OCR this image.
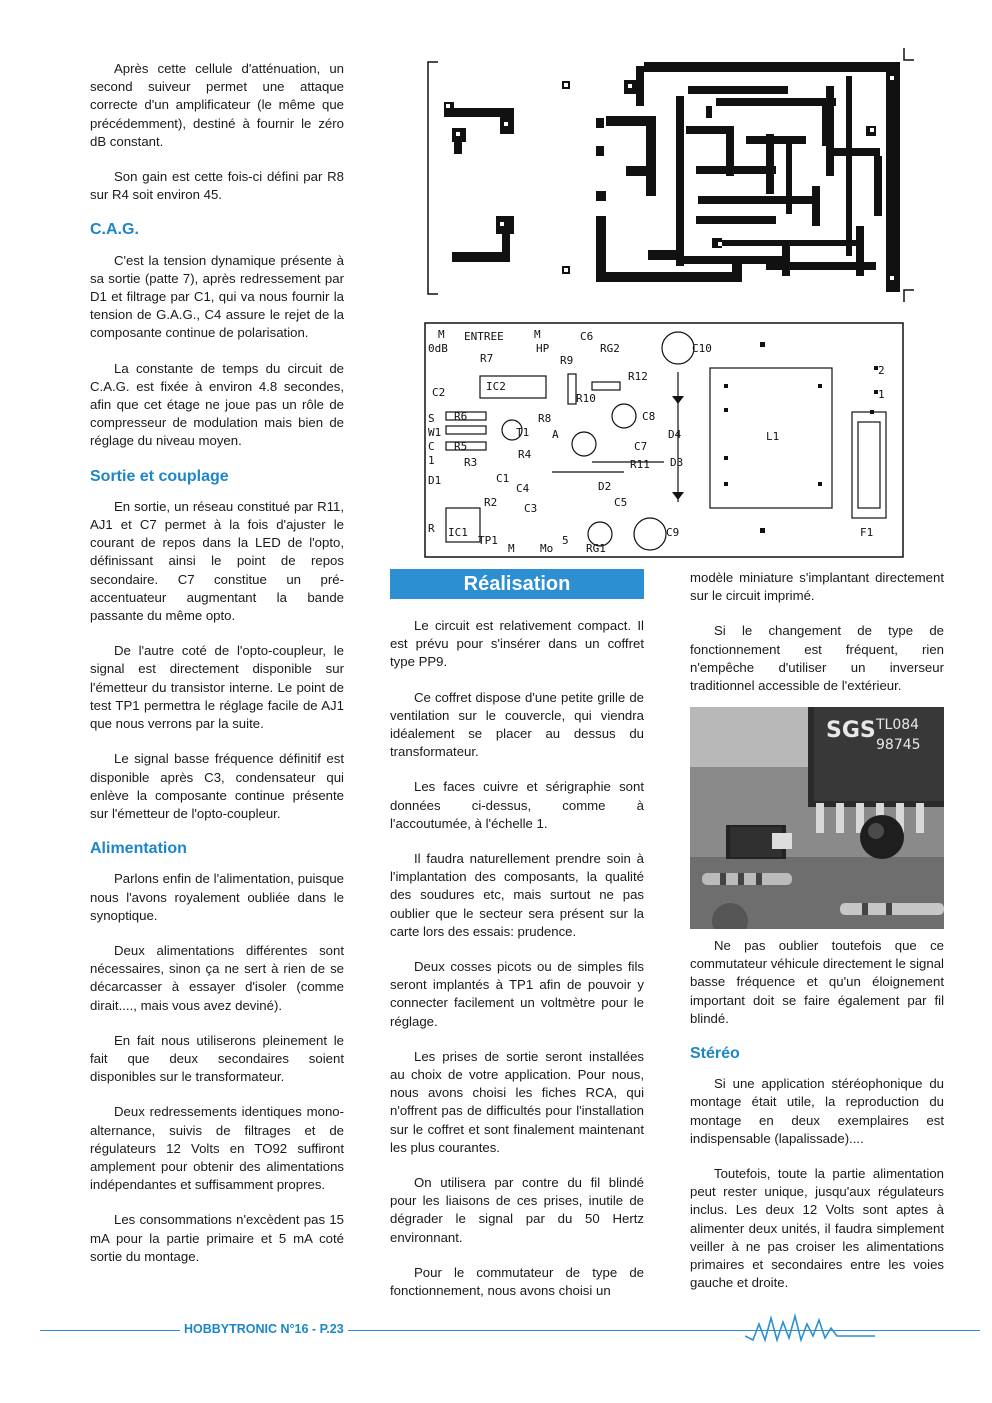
Après cette cellule d'atténuation, un second suiveur permet une attaque correcte d'un amplificateur (le même que précédemment), destiné à fournir le zéro dB constant.

Son gain est cette fois-ci défini par R8 sur R4 soit environ 45.

C.A.G.

C'est la tension dynamique présente à sa sortie (patte 7), après redressement par D1 et filtrage par C1, qui va nous fournir la tension de G.A.G., C4 assure le rejet de la composante continue de polarisation.

La constante de temps du circuit de C.A.G. est fixée à environ 4.8 secondes, afin que cet étage ne joue pas un rôle de compresseur de modulation mais bien de réglage du niveau moyen.

Sortie et couplage

En sortie, un réseau constitué par R11, AJ1 et C7 permet à la fois d'ajuster le courant de repos dans la LED de l'opto, définissant ainsi le point de repos secondaire. C7 constitue un pré-accentuateur augmentant la bande passante du même opto.

De l'autre coté de l'opto-coupleur, le signal est directement disponible sur l'émetteur du transistor interne. Le point de test TP1 permettra le réglage facile de AJ1 que nous verrons par la suite.

Le signal basse fréquence définitif est disponible après C3, condensateur qui enlève la composante continue présente sur l'émetteur de l'opto-coupleur.

Alimentation

Parlons enfin de l'alimentation, puisque nous l'avons royalement oubliée dans le synoptique.

Deux alimentations différentes sont nécessaires, sinon ça ne sert à rien de se décarcasser à essayer d'isoler (comme dirait...., mais vous avez deviné).

En fait nous utiliserons pleinement le fait que deux secondaires soient disponibles sur le transformateur.

Deux redressements identiques mono-alternance, suivis de filtrages et de régulateurs 12 Volts en TO92 suffiront amplement pour obtenir des alimentations indépendantes et suffisamment propres.

Les consommations n'excèdent pas 15 mA pour la partie primaire et 5 mA coté sortie du montage.

M ENTREE	M
0dB	HP
R7
C6
RG2	C10
R9
R12
C2	IC2
R10
S R6	R8	C8
W1	T1	D4
C R5
R4
A
C7
1	R3	R11 D3
D1	C1
C4	D2
R2	C5
C3
R IC1
TP1
M Mo
5
RG1
C9
L1
F1
2
1
Réalisation

Le circuit est relativement compact. Il est prévu pour s'insérer dans un coffret type PP9.

Ce coffret dispose d'une petite grille de ventilation sur le couvercle, qui viendra idéalement se placer au dessus du transformateur.

Les faces cuivre et sérigraphie sont données ci-dessus, comme à l'accoutumée, à l'échelle 1.

Il faudra naturellement prendre soin à l'implantation des composants, la qualité des soudures etc, mais surtout ne pas oublier que le secteur sera présent sur la carte lors des essais: prudence.

Deux cosses picots ou de simples fils seront implantés à TP1 afin de pouvoir y connecter facilement un voltmètre pour le réglage.

Les prises de sortie seront installées au choix de votre application. Pour nous, nous avons choisi les fiches RCA, qui n'offrent pas de difficultés pour l'installation sur le coffret et sont finalement maintenant les plus courantes.

On utilisera par contre du fil blindé pour les liaisons de ces prises, inutile de dégrader le signal par du 50 Hertz environnant.

Pour le commutateur de type de fonctionnement, nous avons choisi un

modèle miniature s'implantant directement sur le circuit imprimé.

Si le changement de type de fonctionnement est fréquent, rien n'empêche d'utiliser un inverseur traditionnel accessible de l'extérieur.

SGS TL084
98745

Ne pas oublier toutefois que ce commutateur véhicule directement le signal basse fréquence et qu'un éloignement important doit se faire également par fil blindé.

Stéréo

Si une application stéréophonique du montage était utile, la reproduction du montage en deux exemplaires est indispensable (lapalissade)....

Toutefois, toute la partie alimentation peut rester unique, jusqu'aux régulateurs inclus. Les deux 12 Volts sont aptes à alimenter deux unités, il faudra simplement veiller à ne pas croiser les alimentations primaires et secondaires entre les voies gauche et droite.

HOBBYTRONIC N°16 - P.23
